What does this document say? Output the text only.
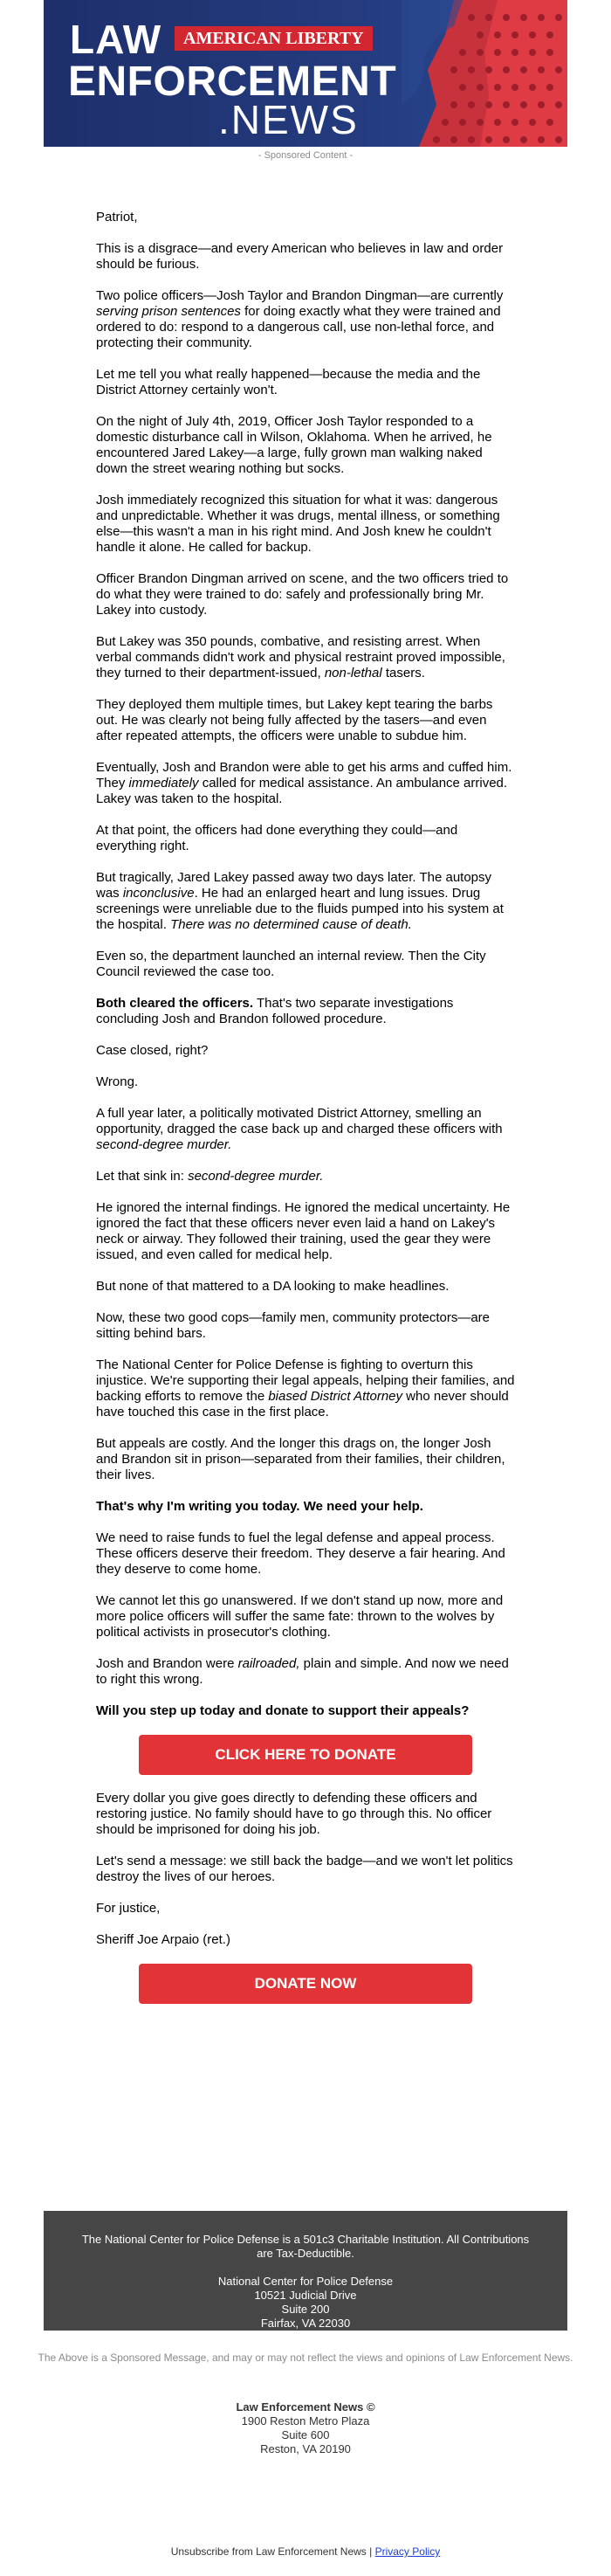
LAW	AMERICAN LIBERTY
ENFORCEMENT
.NEWS
- Sponsored Content -

Patriot,

This is a disgrace—and every American who believes in law and order should be furious.

Two police officers—Josh Taylor and Brandon Dingman—are currently serving prison sentences for doing exactly what they were trained and ordered to do: respond to a dangerous call, use non-lethal force, and protecting their community.

Let me tell you what really happened—because the media and the District Attorney certainly won't.

On the night of July 4th, 2019, Officer Josh Taylor responded to a domestic disturbance call in Wilson, Oklahoma. When he arrived, he encountered Jared Lakey—a large, fully grown man walking naked down the street wearing nothing but socks.

Josh immediately recognized this situation for what it was: dangerous and unpredictable. Whether it was drugs, mental illness, or something else—this wasn't a man in his right mind. And Josh knew he couldn't handle it alone. He called for backup.

Officer Brandon Dingman arrived on scene, and the two officers tried to do what they were trained to do: safely and professionally bring Mr. Lakey into custody.

But Lakey was 350 pounds, combative, and resisting arrest. When verbal commands didn't work and physical restraint proved impossible, they turned to their department-issued, non-lethal tasers.

They deployed them multiple times, but Lakey kept tearing the barbs out. He was clearly not being fully affected by the tasers—and even after repeated attempts, the officers were unable to subdue him.

Eventually, Josh and Brandon were able to get his arms and cuffed him. They immediately called for medical assistance. An ambulance arrived. Lakey was taken to the hospital.

At that point, the officers had done everything they could—and everything right.

But tragically, Jared Lakey passed away two days later. The autopsy was inconclusive. He had an enlarged heart and lung issues. Drug screenings were unreliable due to the fluids pumped into his system at the hospital. There was no determined cause of death.

Even so, the department launched an internal review. Then the City Council reviewed the case too.

Both cleared the officers. That's two separate investigations concluding Josh and Brandon followed procedure.

Case closed, right?

Wrong.

A full year later, a politically motivated District Attorney, smelling an opportunity, dragged the case back up and charged these officers with second-degree murder.

Let that sink in: second-degree murder.

He ignored the internal findings. He ignored the medical uncertainty. He ignored the fact that these officers never even laid a hand on Lakey's neck or airway. They followed their training, used the gear they were issued, and even called for medical help.

But none of that mattered to a DA looking to make headlines.

Now, these two good cops—family men, community protectors—are sitting behind bars.

The National Center for Police Defense is fighting to overturn this injustice. We're supporting their legal appeals, helping their families, and backing efforts to remove the biased District Attorney who never should have touched this case in the first place.

But appeals are costly. And the longer this drags on, the longer Josh and Brandon sit in prison—separated from their families, their children, their lives.

That's why I'm writing you today. We need your help.

We need to raise funds to fuel the legal defense and appeal process. These officers deserve their freedom. They deserve a fair hearing. And they deserve to come home.

We cannot let this go unanswered. If we don't stand up now, more and more police officers will suffer the same fate: thrown to the wolves by political activists in prosecutor's clothing.

Josh and Brandon were railroaded, plain and simple. And now we need to right this wrong.

Will you step up today and donate to support their appeals?

CLICK HERE TO DONATE

Every dollar you give goes directly to defending these officers and restoring justice. No family should have to go through this. No officer should be imprisoned for doing his job.

Let's send a message: we still back the badge—and we won't let politics destroy the lives of our heroes.

For justice,

Sheriff Joe Arpaio (ret.)

DONATE NOW
The National Center for Police Defense is a 501c3 Charitable Institution. All Contributions are Tax-Deductible.
National Center for Police Defense
10521 Judicial Drive
Suite 200
Fairfax, VA 22030
The Above is a Sponsored Message, and may or may not reflect the views and opinions of Law Enforcement News.
Law Enforcement News ©
1900 Reston Metro Plaza
Suite 600
Reston, VA 20190
Unsubscribe from Law Enforcement News | Privacy Policy
